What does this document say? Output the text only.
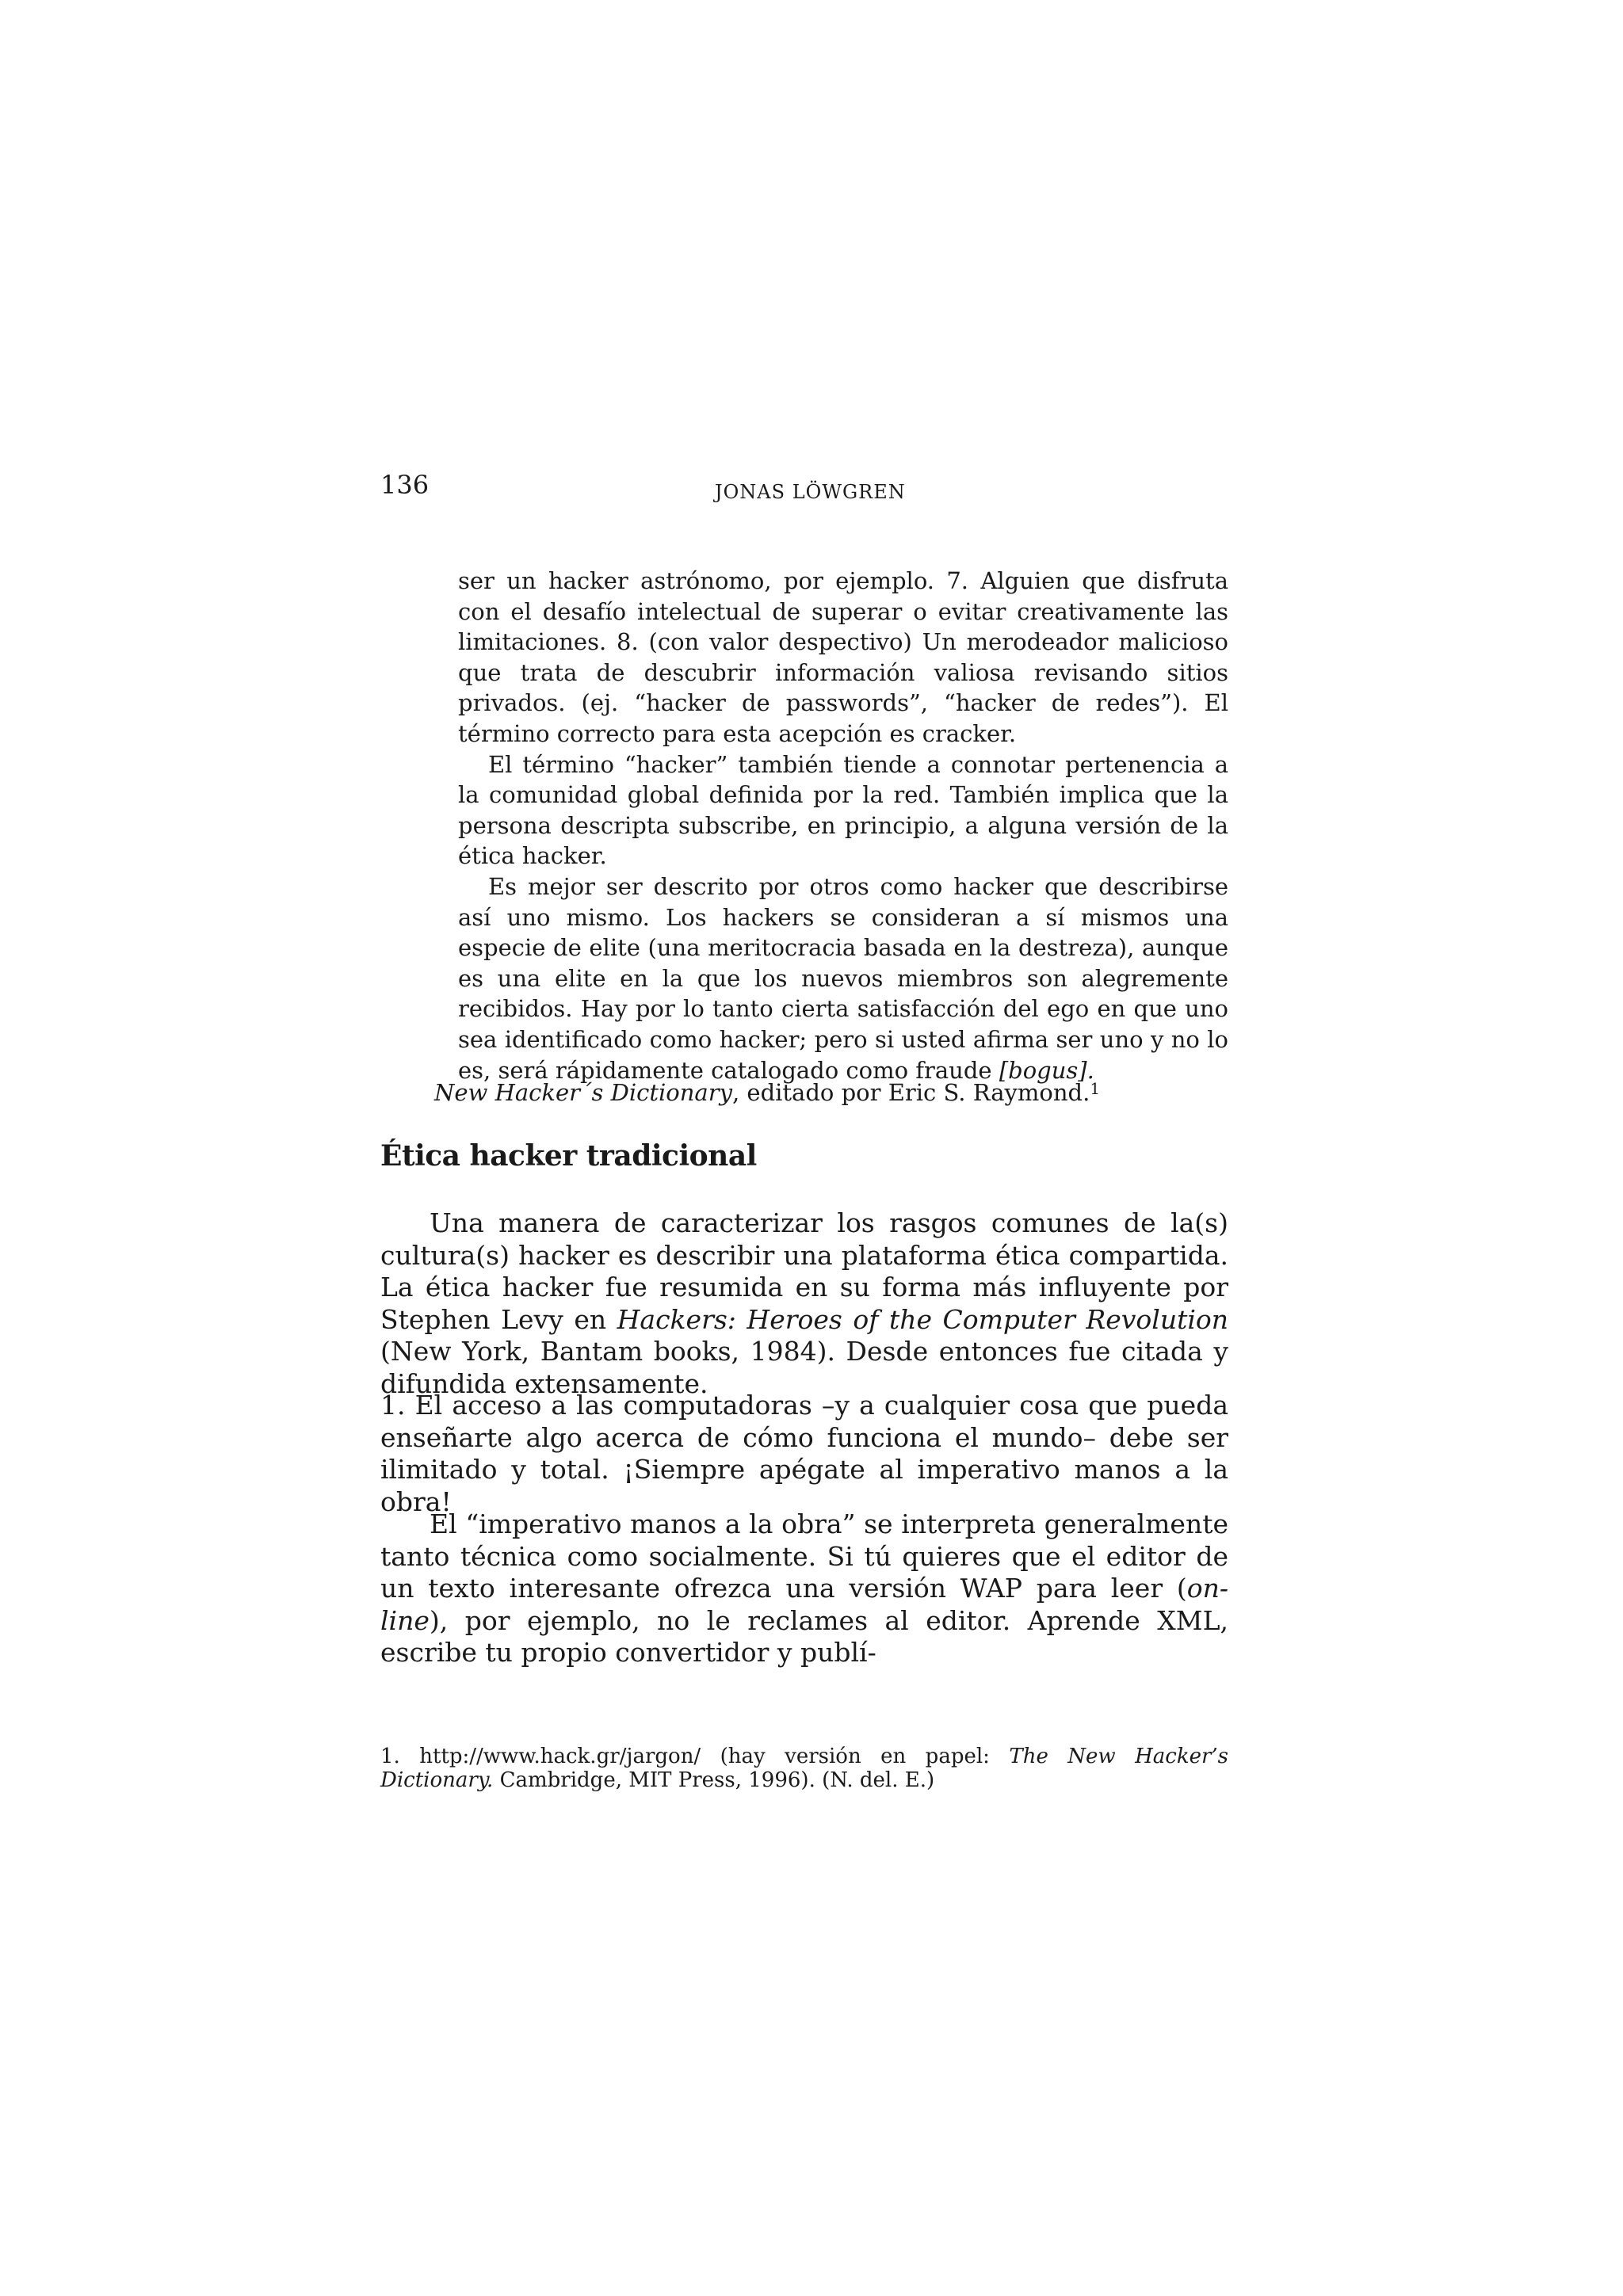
136	JONAS LÖWGREN

ser un hacker astrónomo, por ejemplo. 7. Alguien que disfruta con el desafío intelectual de superar o evitar creativamente las limitaciones. 8. (con valor despectivo) Un merodeador malicioso que trata de descubrir información valiosa revisando sitios privados. (ej. “hacker de passwords”, “hacker de redes”). El término correcto para esta acepción es cracker.

El término “hacker” también tiende a connotar pertenencia a la comunidad global definida por la red. También implica que la persona descripta subscribe, en principio, a alguna versión de la ética hacker.

Es mejor ser descrito por otros como hacker que describirse así uno mismo. Los hackers se consideran a sí mismos una especie de elite (una meritocracia basada en la destreza), aunque es una elite en la que los nuevos miembros son alegremente recibidos. Hay por lo tanto cierta satisfacción del ego en que uno sea identificado como hacker; pero si usted afirma ser uno y no lo es, será rápidamente catalogado como fraude [bogus].

New Hacker´s Dictionary, editado por Eric S. Raymond.$^1$
Ética hacker tradicional

Una manera de caracterizar los rasgos comunes de la(s) cultura(s) hacker es describir una plataforma ética compartida. La ética hacker fue resumida en su forma más influyente por Stephen Levy en Hackers: Heroes of the Computer Revolution (New York, Bantam books, 1984). Desde entonces fue citada y difundida extensamente.

1. El acceso a las computadoras –y a cualquier cosa que pueda enseñarte algo acerca de cómo funciona el mundo– debe ser ilimitado y total. ¡Siempre apégate al imperativo manos a la obra!

El “imperativo manos a la obra” se interpreta generalmente tanto técnica como socialmente. Si tú quieres que el editor de un texto interesante ofrezca una versión WAP para leer (on-line), por ejemplo, no le reclames al editor. Aprende XML, escribe tu propio convertidor y publí-

1. http://www.hack.gr/jargon/ (hay versión en papel: The New Hacker’s Dictionary. Cambridge, MIT Press, 1996). (N. del. E.)
